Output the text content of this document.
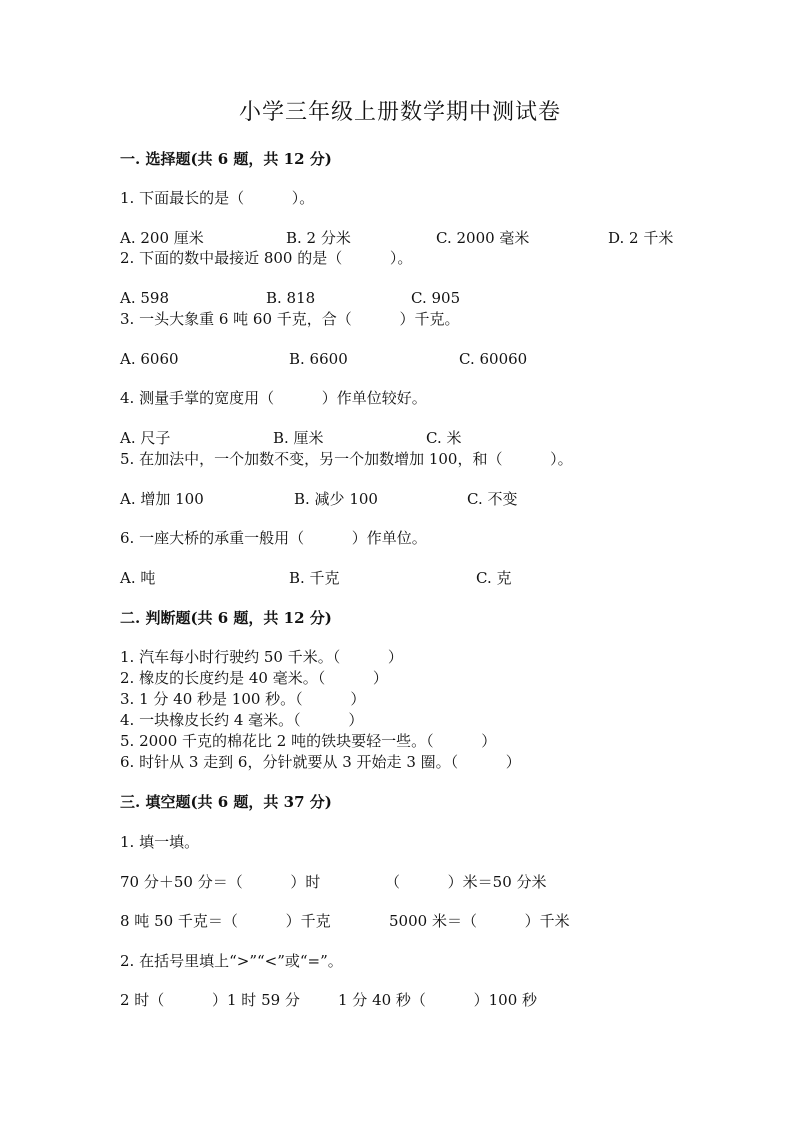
小学三年级上册数学期中测试卷
一. 选择题(共 6 题，共 12 分)
1. 下面最长的是（          ）。
A. 200 厘米	B. 2 分米	C. 2000 毫米	D. 2 千米
2. 下面的数中最接近 800 的是（          ）。
A. 598	B. 818	C. 905
3. 一头大象重 6 吨 60 千克，合（          ）千克。
A. 6060	B. 6600	C. 60060
4. 测量手掌的宽度用（          ）作单位较好。
A. 尺子	B. 厘米	C. 米
5. 在加法中，一个加数不变，另一个加数增加 100，和（          ）。
A. 增加 100	B. 减少 100	C. 不变
6. 一座大桥的承重一般用（          ）作单位。
A. 吨	B. 千克	C. 克
二. 判断题(共 6 题，共 12 分)
1. 汽车每小时行驶约 50 千米。（          ）
2. 橡皮的长度约是 40 毫米。（          ）
3. 1 分 40 秒是 100 秒。（          ）
4. 一块橡皮长约 4 毫米。（          ）
5. 2000 千克的棉花比 2 吨的铁块要轻一些。（          ）
6. 时针从 3 走到 6，分针就要从 3 开始走 3 圈。（          ）
三. 填空题(共 6 题，共 37 分)
1. 填一填。
70 分＋50 分＝（          ）时	（          ）米＝50 分米
8 吨 50 千克＝（          ）千克	5000 米＝（          ）千米
2. 在括号里填上“>”“<”或“=”。
2 时（          ）1 时 59 分	1 分 40 秒（          ）100 秒
